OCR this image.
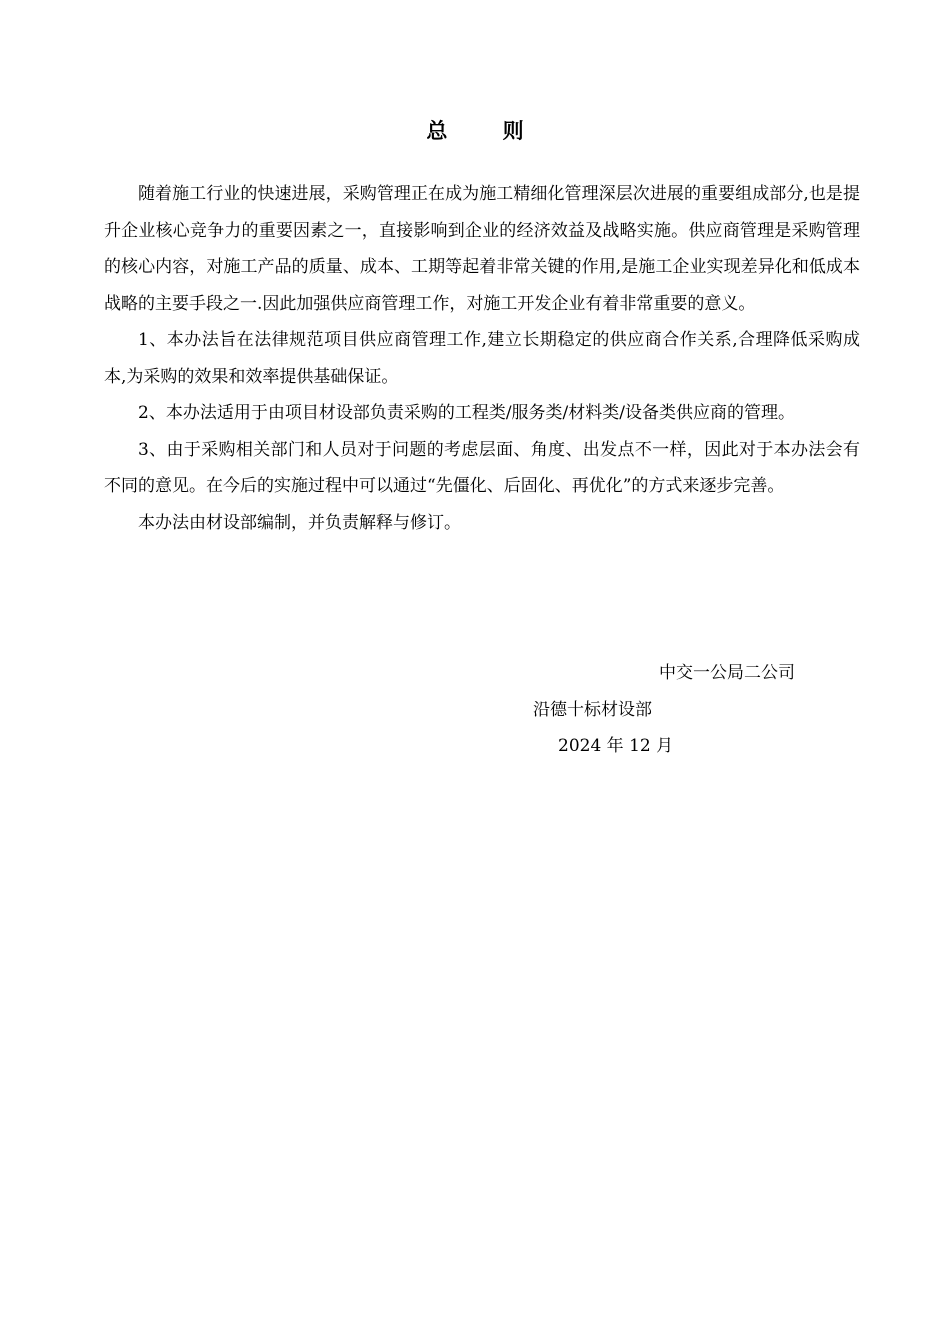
总 则

随着施工行业的快速进展，采购管理正在成为施工精细化管理深层次进展的重要组成部分,也是提升企业核心竞争力的重要因素之一，直接影响到企业的经济效益及战略实施。供应商管理是采购管理的核心内容，对施工产品的质量、成本、工期等起着非常关键的作用,是施工企业实现差异化和低成本战略的主要手段之一.因此加强供应商管理工作，对施工开发企业有着非常重要的意义。

1、本办法旨在法律规范项目供应商管理工作,建立长期稳定的供应商合作关系,合理降低采购成本,为采购的效果和效率提供基础保证。

2、本办法适用于由项目材设部负责采购的工程类/服务类/材料类/设备类供应商的管理。

3、由于采购相关部门和人员对于问题的考虑层面、角度、出发点不一样，因此对于本办法会有不同的意见。在今后的实施过程中可以通过“先僵化、后固化、再优化”的方式来逐步完善。

本办法由材设部编制，并负责解释与修订。

中交一公局二公司
沿德十标材设部
2024 年 12 月
